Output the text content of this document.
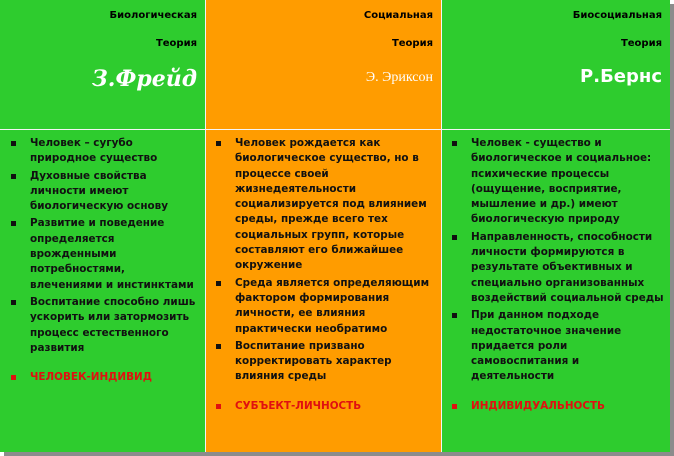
Биологическая
Теория
З.Фрейд
Социальная
Теория
Э. Эриксон
Биосоциальная
Теория
Р.Бернс
Человек – сугубо природное существо
Духовные свойства личности имеют биологическую основу
Развитие и поведение определяется врожденными потребностями, влечениями и инстинктами
Воспитание способно лишь ускорить или затормозить процесс естественного развития
ЧЕЛОВЕК-ИНДИВИД
Человек рождается как биологическое существо, но в процессе своей жизнедеятельности социализируется под влиянием среды, прежде всего тех социальных групп, которые составляют его ближайшее окружение
Среда является определяющим фактором формирования личности, ее влияния практически необратимо
Воспитание призвано корректировать характер влияния среды
СУБЪЕКТ-ЛИЧНОСТЬ
Человек - существо и биологическое и социальное: психические процессы (ощущение, восприятие, мышление и др.) имеют биологическую природу
Направленность, способности личности формируются в результате объективных и специально организованных воздействий социальной среды
При данном подходе недостаточное значение придается роли самовоспитания и деятельности
ИНДИВИДУАЛЬНОСТЬ
